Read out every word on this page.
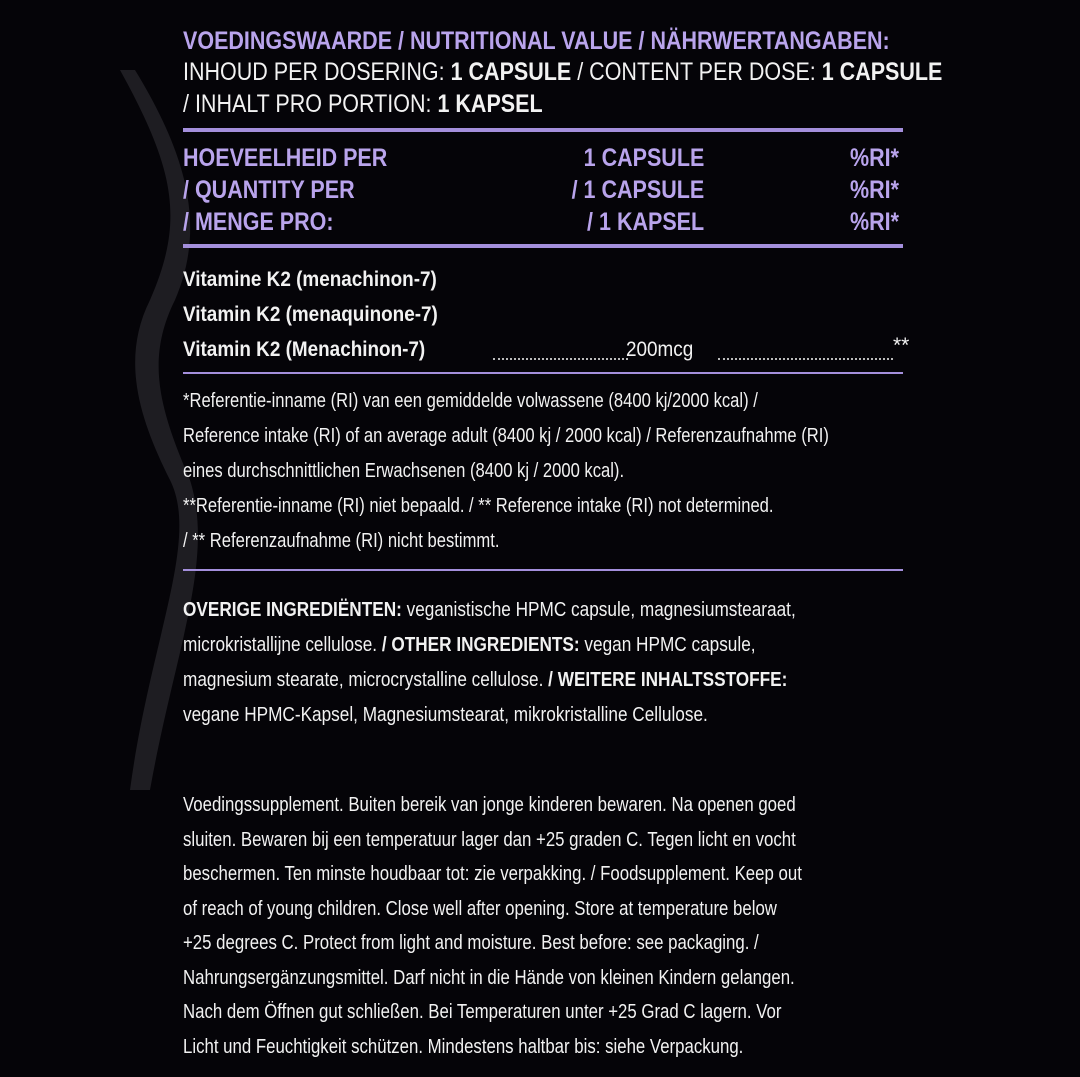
VOEDINGSWAARDE / NUTRITIONAL VALUE / NÄHRWERTANGABEN:
INHOUD PER DOSERING: 1 CAPSULE / CONTENT PER DOSE: 1 CAPSULE
/ INHALT PRO PORTION: 1 KAPSEL
HOEVEELHEID PER	1 CAPSULE	%RI*
/ QUANTITY PER	/ 1 CAPSULE	%RI*
/ MENGE PRO:	/ 1 KAPSEL	%RI*
Vitamine K2 (menachinon-7)
Vitamin K2 (menaquinone-7)
Vitamin K2 (Menachinon-7)	200mcg	**
*Referentie-inname (RI) van een gemiddelde volwassene (8400 kj/2000 kcal) /
Reference intake (RI) of an average adult (8400 kj / 2000 kcal) / Referenzaufnahme (RI)
eines durchschnittlichen Erwachsenen (8400 kj / 2000 kcal).
**Referentie-inname (RI) niet bepaald. / ** Reference intake (RI) not determined.
/ ** Referenzaufnahme (RI) nicht bestimmt.
OVERIGE INGREDIËNTEN: veganistische HPMC capsule, magnesiumstearaat,
microkristallijne cellulose. / OTHER INGREDIENTS: vegan HPMC capsule,
magnesium stearate, microcrystalline cellulose. / WEITERE INHALTSSTOFFE:
vegane HPMC-Kapsel, Magnesiumstearat, mikrokristalline Cellulose.
Voedingssupplement. Buiten bereik van jonge kinderen bewaren. Na openen goed
sluiten. Bewaren bij een temperatuur lager dan +25 graden C. Tegen licht en vocht
beschermen. Ten minste houdbaar tot: zie verpakking. / Foodsupplement. Keep out
of reach of young children. Close well after opening. Store at temperature below
+25 degrees C. Protect from light and moisture. Best before: see packaging. /
Nahrungsergänzungsmittel. Darf nicht in die Hände von kleinen Kindern gelangen.
Nach dem Öffnen gut schließen. Bei Temperaturen unter +25 Grad C lagern. Vor
Licht und Feuchtigkeit schützen. Mindestens haltbar bis: siehe Verpackung.
